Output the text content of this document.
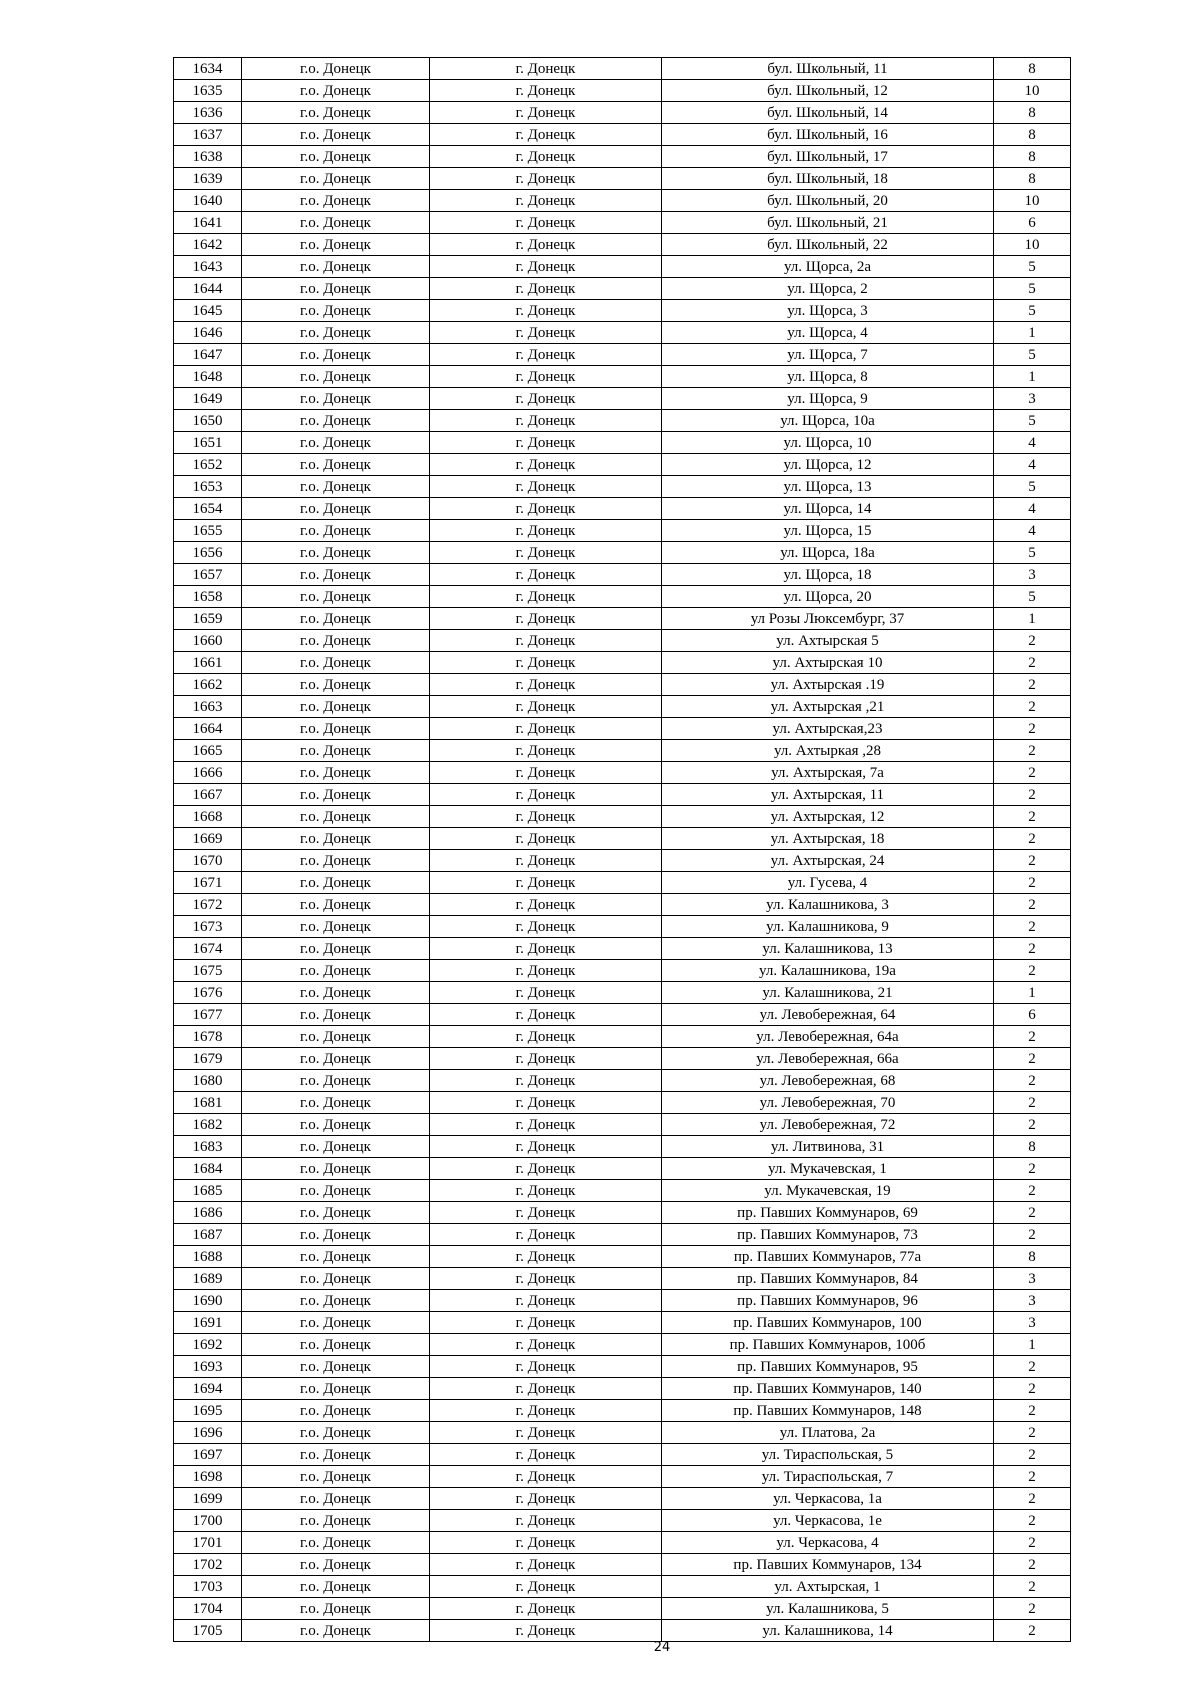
1634	г.о. Донецк	г. Донецк	бул. Школьный, 11	8
1635	г.о. Донецк	г. Донецк	бул. Школьный, 12	10
1636	г.о. Донецк	г. Донецк	бул. Школьный, 14	8
1637	г.о. Донецк	г. Донецк	бул. Школьный, 16	8
1638	г.о. Донецк	г. Донецк	бул. Школьный, 17	8
1639	г.о. Донецк	г. Донецк	бул. Школьный, 18	8
1640	г.о. Донецк	г. Донецк	бул. Школьный, 20	10
1641	г.о. Донецк	г. Донецк	бул. Школьный, 21	6
1642	г.о. Донецк	г. Донецк	бул. Школьный, 22	10
1643	г.о. Донецк	г. Донецк	ул. Щорса, 2а	5
1644	г.о. Донецк	г. Донецк	ул. Щорса, 2	5
1645	г.о. Донецк	г. Донецк	ул. Щорса, 3	5
1646	г.о. Донецк	г. Донецк	ул. Щорса, 4	1
1647	г.о. Донецк	г. Донецк	ул. Щорса, 7	5
1648	г.о. Донецк	г. Донецк	ул. Щорса, 8	1
1649	г.о. Донецк	г. Донецк	ул. Щорса, 9	3
1650	г.о. Донецк	г. Донецк	ул. Щорса, 10а	5
1651	г.о. Донецк	г. Донецк	ул. Щорса, 10	4
1652	г.о. Донецк	г. Донецк	ул. Щорса, 12	4
1653	г.о. Донецк	г. Донецк	ул. Щорса, 13	5
1654	г.о. Донецк	г. Донецк	ул. Щорса, 14	4
1655	г.о. Донецк	г. Донецк	ул. Щорса, 15	4
1656	г.о. Донецк	г. Донецк	ул. Щорса, 18а	5
1657	г.о. Донецк	г. Донецк	ул. Щорса, 18	3
1658	г.о. Донецк	г. Донецк	ул. Щорса, 20	5
1659	г.о. Донецк	г. Донецк	ул Розы Люксембург, 37	1
1660	г.о. Донецк	г. Донецк	ул. Ахтырская 5	2
1661	г.о. Донецк	г. Донецк	ул. Ахтырская 10	2
1662	г.о. Донецк	г. Донецк	ул. Ахтырская .19	2
1663	г.о. Донецк	г. Донецк	ул. Ахтырская ,21	2
1664	г.о. Донецк	г. Донецк	ул. Ахтырская,23	2
1665	г.о. Донецк	г. Донецк	ул. Ахтыркая ,28	2
1666	г.о. Донецк	г. Донецк	ул. Ахтырская, 7а	2
1667	г.о. Донецк	г. Донецк	ул. Ахтырская, 11	2
1668	г.о. Донецк	г. Донецк	ул. Ахтырская, 12	2
1669	г.о. Донецк	г. Донецк	ул. Ахтырская, 18	2
1670	г.о. Донецк	г. Донецк	ул. Ахтырская, 24	2
1671	г.о. Донецк	г. Донецк	ул. Гусева, 4	2
1672	г.о. Донецк	г. Донецк	ул. Калашникова, 3	2
1673	г.о. Донецк	г. Донецк	ул. Калашникова, 9	2
1674	г.о. Донецк	г. Донецк	ул. Калашникова, 13	2
1675	г.о. Донецк	г. Донецк	ул. Калашникова, 19а	2
1676	г.о. Донецк	г. Донецк	ул. Калашникова, 21	1
1677	г.о. Донецк	г. Донецк	ул. Левобережная, 64	6
1678	г.о. Донецк	г. Донецк	ул. Левобережная, 64а	2
1679	г.о. Донецк	г. Донецк	ул. Левобережная, 66а	2
1680	г.о. Донецк	г. Донецк	ул. Левобережная, 68	2
1681	г.о. Донецк	г. Донецк	ул. Левобережная, 70	2
1682	г.о. Донецк	г. Донецк	ул. Левобережная, 72	2
1683	г.о. Донецк	г. Донецк	ул. Литвинова, 31	8
1684	г.о. Донецк	г. Донецк	ул. Мукачевская, 1	2
1685	г.о. Донецк	г. Донецк	ул. Мукачевская, 19	2
1686	г.о. Донецк	г. Донецк	пр. Павших Коммунаров, 69	2
1687	г.о. Донецк	г. Донецк	пр. Павших Коммунаров, 73	2
1688	г.о. Донецк	г. Донецк	пр. Павших Коммунаров, 77а	8
1689	г.о. Донецк	г. Донецк	пр. Павших Коммунаров, 84	3
1690	г.о. Донецк	г. Донецк	пр. Павших Коммунаров, 96	3
1691	г.о. Донецк	г. Донецк	пр. Павших Коммунаров, 100	3
1692	г.о. Донецк	г. Донецк	пр. Павших Коммунаров, 100б	1
1693	г.о. Донецк	г. Донецк	пр. Павших Коммунаров, 95	2
1694	г.о. Донецк	г. Донецк	пр. Павших Коммунаров, 140	2
1695	г.о. Донецк	г. Донецк	пр. Павших Коммунаров, 148	2
1696	г.о. Донецк	г. Донецк	ул. Платова, 2а	2
1697	г.о. Донецк	г. Донецк	ул. Тираспольская, 5	2
1698	г.о. Донецк	г. Донецк	ул. Тираспольская, 7	2
1699	г.о. Донецк	г. Донецк	ул. Черкасова, 1а	2
1700	г.о. Донецк	г. Донецк	ул. Черкасова, 1е	2
1701	г.о. Донецк	г. Донецк	ул. Черкасова, 4	2
1702	г.о. Донецк	г. Донецк	пр. Павших Коммунаров, 134	2
1703	г.о. Донецк	г. Донецк	ул. Ахтырская, 1	2
1704	г.о. Донецк	г. Донецк	ул. Калашникова, 5	2
1705	г.о. Донецк	г. Донецк	ул. Калашникова, 14	2
24
